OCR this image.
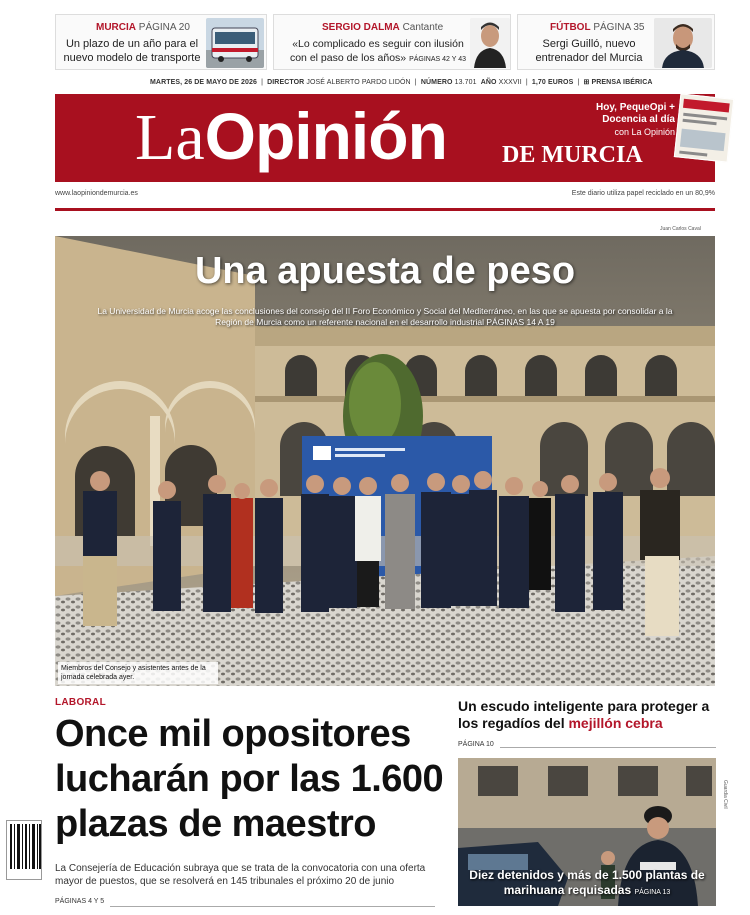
MURCIA PÁGINA 20
Un plazo de un año para el
nuevo modelo de transporte
SERGIO DALMA Cantante
«Lo complicado es seguir con ilusión
con el paso de los años» PÁGINAS 42 Y 43
FÚTBOL PÁGINA 35
Sergi Guilló, nuevo
entrenador del Murcia
MARTES, 26 DE MAYO DE 2026  |  DIRECTOR JOSÉ ALBERTO PARDO LIDÓN  |  NÚMERO 13.701 AÑO XXXVII  |  1,70 EUROS  |  ⊞ PRENSA IBÉRICA
LaOpinión DE MURCIA
Hoy, PequeOpi +
Docencia al día
con La Opinión
www.laopiniondemurcia.es	Este diario utiliza papel reciclado en un 80,9%
Juan Carlos Caval
Una apuesta de peso
La Universidad de Murcia acoge las conclusiones del consejo del II Foro Económico y Social del Mediterráneo, en las que se apuesta por consolidar a la Región de Murcia como un referente nacional en el desarrollo industrial PÁGINAS 14 A 19
Miembros del Consejo y asistentes antes de la jornada celebrada ayer.
LABORAL
Once mil opositores lucharán por las 1.600 plazas de maestro
La Consejería de Educación subraya que se trata de la convocatoria con una oferta mayor de puestos, que se resolverá en 145 tribunales el próximo 20 de junio
PÁGINAS 4 Y 5
Un escudo inteligente para proteger a los regadíos del mejillón cebra
PÁGINA 10
Diez detenidos y más de 1.500 plantas de marihuana requisadas PÁGINA 13
Guardia Civil
